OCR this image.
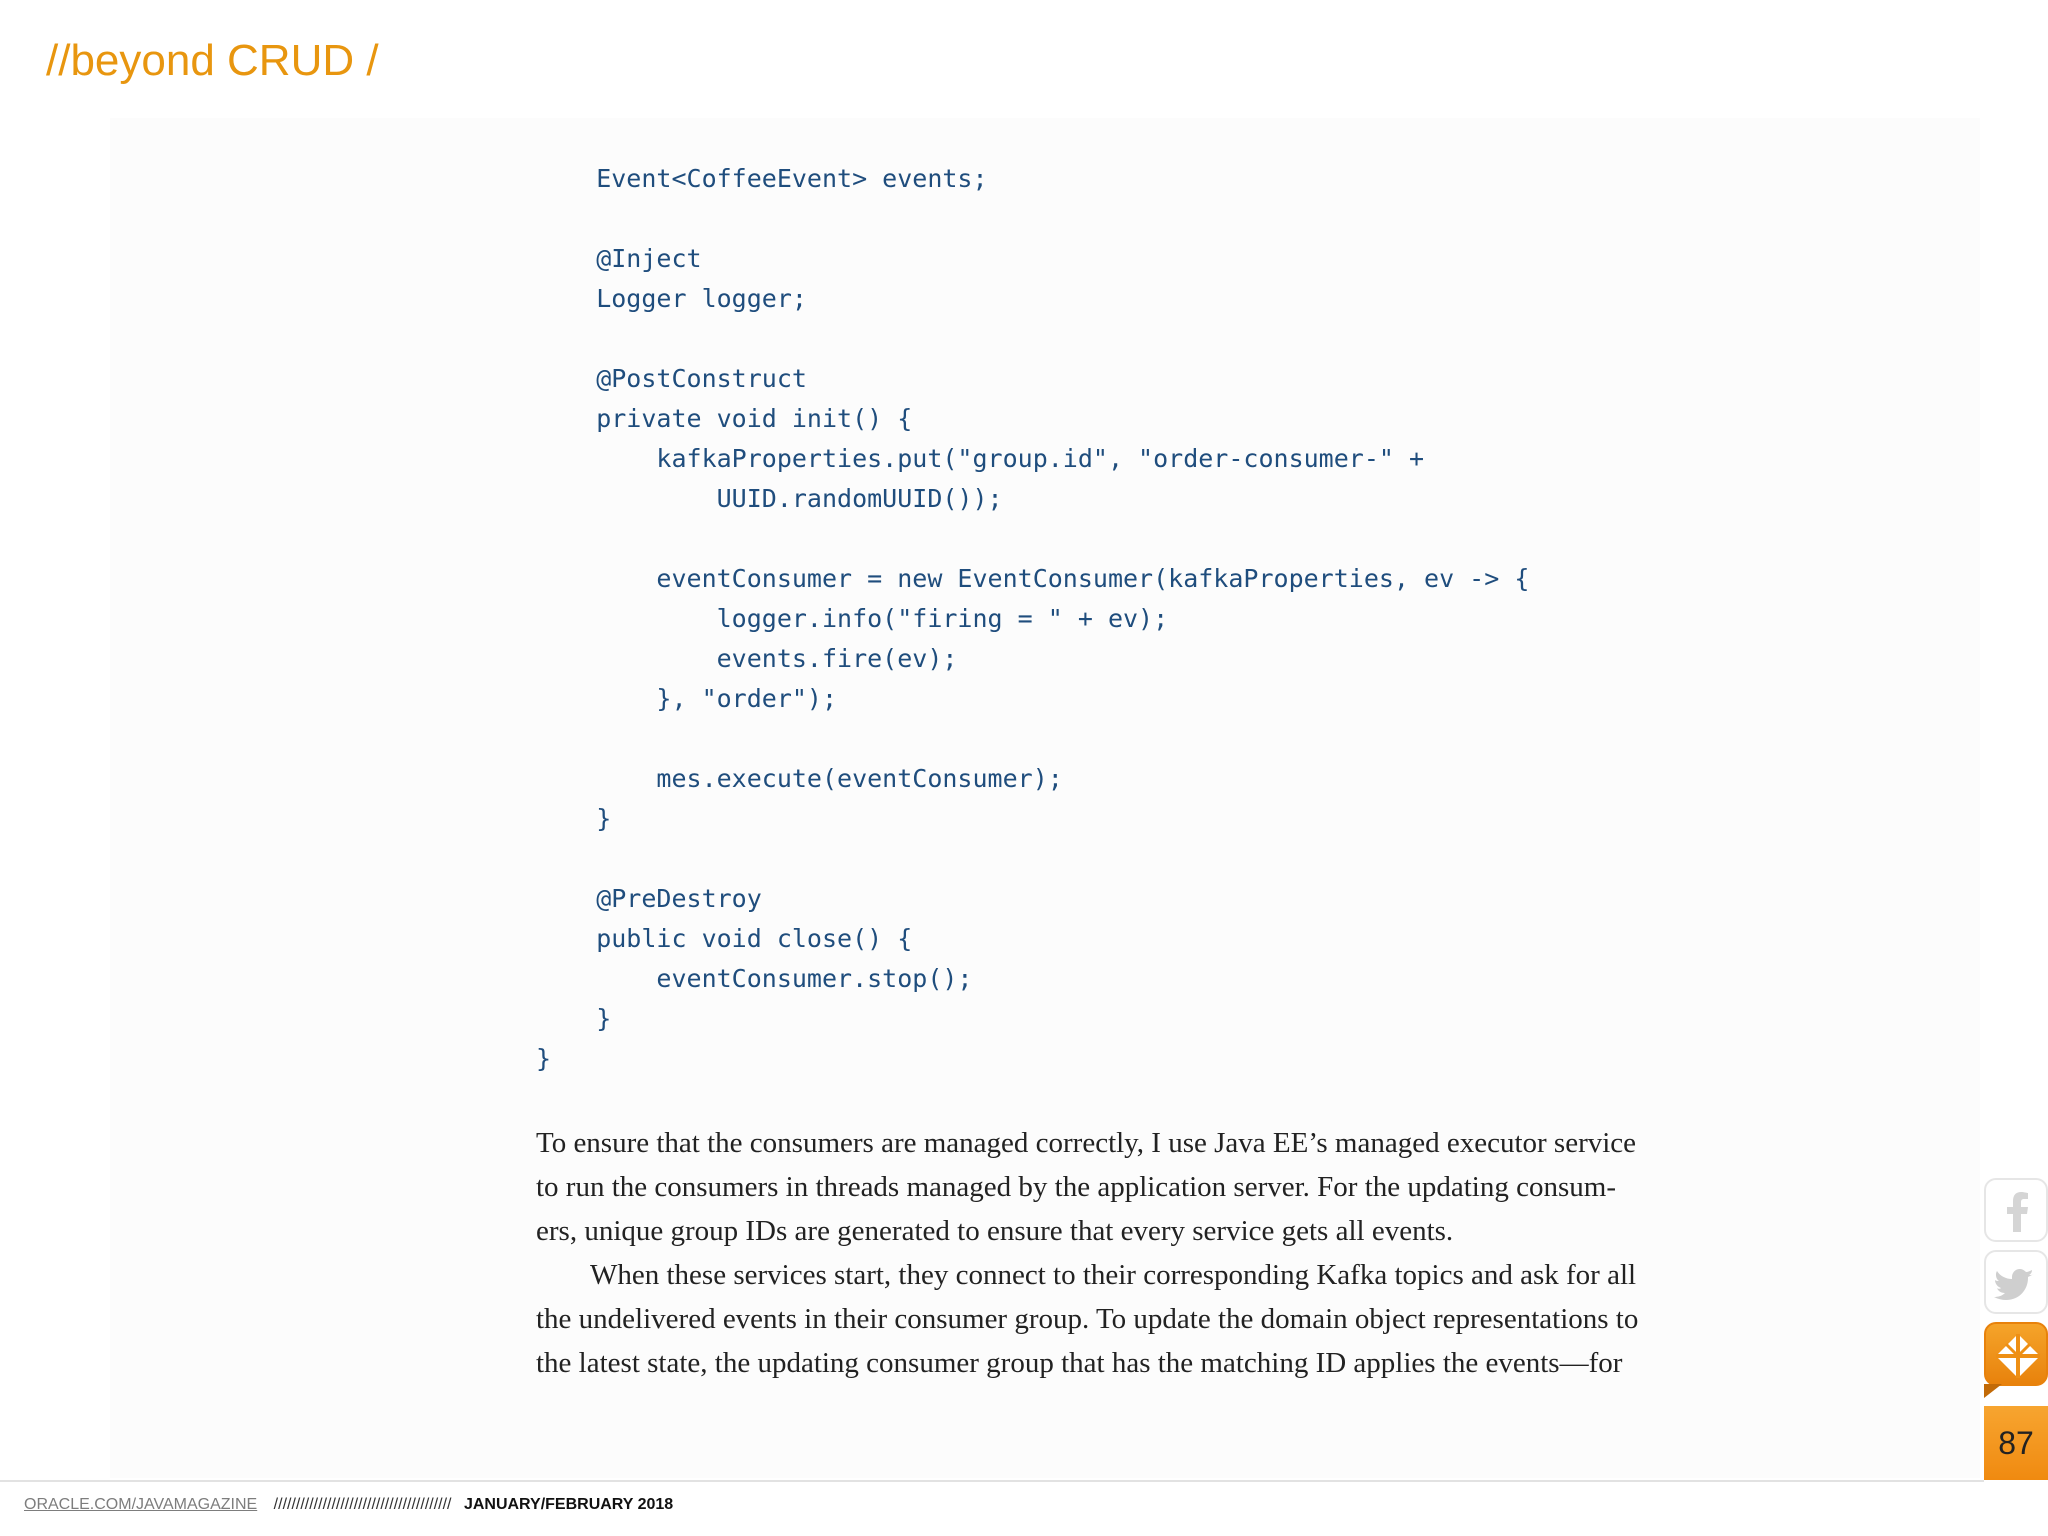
//beyond CRUD /
Event<CoffeeEvent> events;
@Inject
Logger logger;
@PostConstruct
private void init() {
kafkaProperties.put("group.id", "order-consumer-" +
UUID.randomUUID());
eventConsumer = new EventConsumer(kafkaProperties, ev -> {
logger.info("firing = " + ev);
events.fire(ev);
}, "order");
mes.execute(eventConsumer);
}
@PreDestroy
public void close() {
eventConsumer.stop();
}
}
To ensure that the consumers are managed correctly, I use Java EE’s managed executor service
to run the consumers in threads managed by the application server. For the updating consum-
ers, unique group IDs are generated to ensure that every service gets all events.
When these services start, they connect to their corresponding Kafka topics and ask for all
the undelivered events in their consumer group. To update the domain object representations to
the latest state, the updating consumer group that has the matching ID applies the events—for
ORACLE.COM/JAVAMAGAZINE //////////////////////////////////////// JANUARY/FEBRUARY 2018
87
